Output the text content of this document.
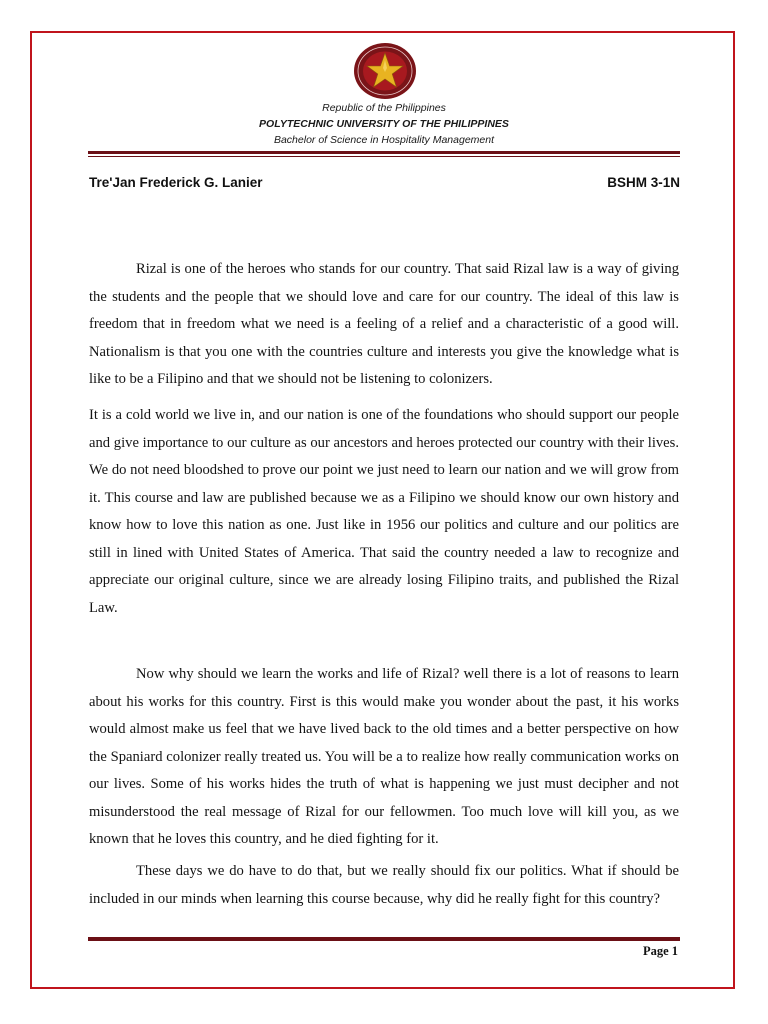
Republic of the Philippines
POLYTECHNIC UNIVERSITY OF THE PHILIPPINES
Bachelor of Science in Hospitality Management
Tre'Jan Frederick G. Lanier	BSHM 3-1N

Rizal is one of the heroes who stands for our country. That said Rizal law is a way of giving the students and the people that we should love and care for our country. The ideal of this law is freedom that in freedom what we need is a feeling of a relief and a characteristic of a good will. Nationalism is that you one with the countries culture and interests you give the knowledge what is like to be a Filipino and that we should not be listening to colonizers.

It is a cold world we live in, and our nation is one of the foundations who should support our people and give importance to our culture as our ancestors and heroes protected our country with their lives. We do not need bloodshed to prove our point we just need to learn our nation and we will grow from it. This course and law are published because we as a Filipino we should know our own history and know how to love this nation as one. Just like in 1956 our politics and culture and our politics are still in lined with United States of America. That said the country needed a law to recognize and appreciate our original culture, since we are already losing Filipino traits, and published the Rizal Law.

Now why should we learn the works and life of Rizal? well there is a lot of reasons to learn about his works for this country. First is this would make you wonder about the past, it his works would almost make us feel that we have lived back to the old times and a better perspective on how the Spaniard colonizer really treated us. You will be a to realize how really communication works on our lives. Some of his works hides the truth of what is happening we just must decipher and not misunderstood the real message of Rizal for our fellowmen. Too much love will kill you, as we known that he loves this country, and he died fighting for it.

These days we do have to do that, but we really should fix our politics. What if should be included in our minds when learning this course because, why did he really fight for this country?

Page 1
